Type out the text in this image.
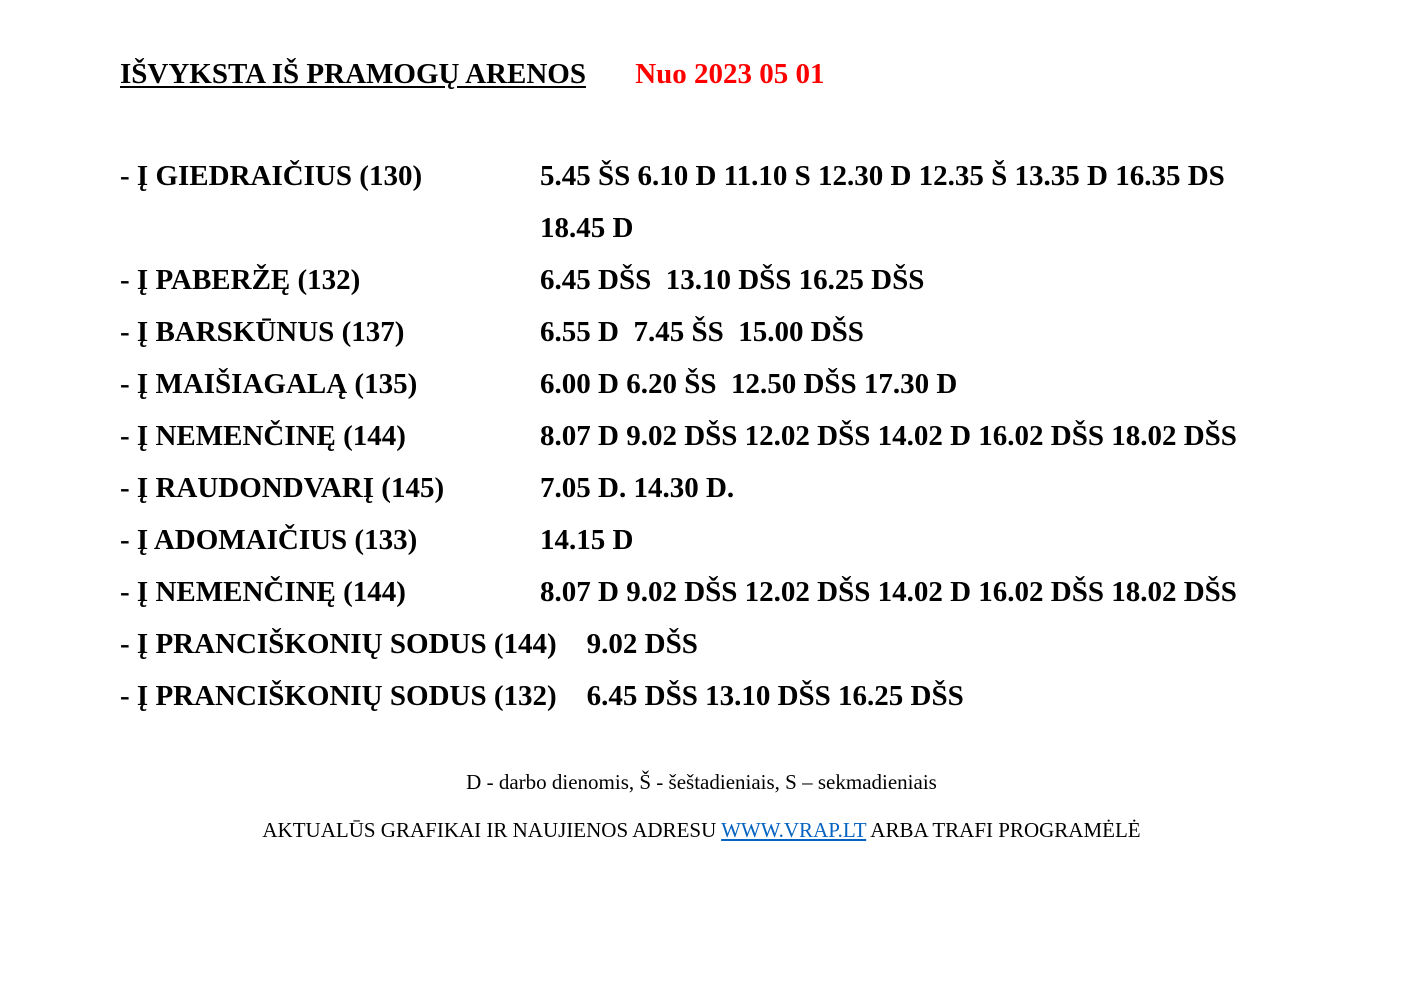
IŠVYKSTA IŠ PRAMOGŲ ARENOS Nuo 2023 05 01
- Į GIEDRAIČIUS (130)	5.45 ŠS 6.10 D 11.10 S 12.30 D 12.35 Š 13.35 D 16.35 DS 18.45 D
- Į PABERŽĘ (132)	6.45 DŠS  13.10 DŠS 16.25 DŠS
- Į BARSKŪNUS (137)	6.55 D  7.45 ŠS  15.00 DŠS
- Į MAIŠIAGALĄ (135)	6.00 D 6.20 ŠS  12.50 DŠS 17.30 D
- Į NEMENČINĘ (144)	8.07 D 9.02 DŠS 12.02 DŠS 14.02 D 16.02 DŠS 18.02 DŠS
- Į RAUDONDVARĮ (145)	7.05 D. 14.30 D.
- Į ADOMAIČIUS (133)	14.15 D
- Į NEMENČINĘ (144)	8.07 D 9.02 DŠS 12.02 DŠS 14.02 D 16.02 DŠS 18.02 DŠS
- Į PRANCIŠKONIŲ SODUS (144) 9.02 DŠS
- Į PRANCIŠKONIŲ SODUS (132) 6.45 DŠS 13.10 DŠS 16.25 DŠS
D - darbo dienomis, Š - šeštadieniais, S – sekmadieniais
AKTUALŪS GRAFIKAI IR NAUJIENOS ADRESU WWW.VRAP.LT ARBA TRAFI PROGRAMĖLĖ
